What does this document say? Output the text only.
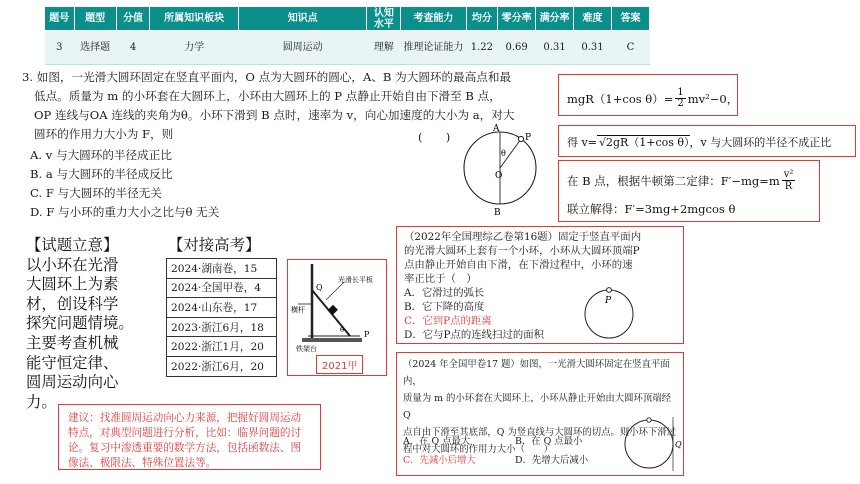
题号	题型	分值	所属知识板块	知识点	认知水平	考查能力	均分	零分率	满分率	难度	答案
3	选择题	4	力学	圆周运动	理解	推理论证能力	1.22	0.69	0.31	0.31	C
3. 如图，一光滑大圆环固定在竖直平面内，O 点为大圆环的圆心，A、B 为大圆环的最高点和最
低点。质量为 m 的小环套在大圆环上，小环由大圆环上的 P 点静止开始自由下滑至 B 点，
OP 连线与OA 连线的夹角为θ。小环下滑到 B 点时，速率为 v，向心加速度的大小为 a，对大
圆环的作用力大小为 F，则	(　　)
A. v 与大圆环的半径成正比
B. a 与大圆环的半径成反比
C. F 与大圆环的半径无关
D. F 与小环的重力大小之比与θ 无关
A
P
θ
O
B
mgR（1+cos $\theta)= \frac{1}{2} mv^2-0$，
得 v= √2gR（1+cos θ），v 与大圆环的半径不成正比
在 B 点，根据牛顿第二定律：$F'-mg=m \frac{\text{v²}}{R}$
联立解得：F′=3mg+2mgcos θ
【试题立意】
以小环在光滑
大圆环上为素
材，创设科学
探究问题情境。
主要考查机械
能守恒定律、
圆周运动向心
力。
【对接高考】
2024·湖南卷，15
2024·全国甲卷，4
2024·山东卷，17
2023·浙江6月，18
2022·浙江1月，20
2022·浙江6月，20
光滑长平板
横杆
Q
θ P
铁架台
2021甲
建议：找准圆周运动向心力来源，把握好圆周运动特点，对典型问题进行分析，比如：临界问题的讨论。复习中渗透重要的数学方法，包括函数法、图像法、极限法、特殊位置法等。
（2022年全国理综乙卷第16题）固定于竖直平面内
的光滑大圆环上套有一个小环，小环从大圆环顶端P
点由静止开始自由下滑，在下滑过程中，小环的速
率正比于（　）
A．它滑过的弧长
B．它下降的高度
C．它到P点的距离
D．它与P点的连线扫过的面积
P
（2024 年全国甲卷17 题）如图，一光滑大圆环固定在竖直平面内，
质量为 m 的小环套在大圆环上，小环从静止开始由大圆环顶端经 Q
点自由下滑至其底部，Q 为竖直线与大圆环的切点。则小环下滑过
程中对大圆环的作用力大小（　　）
A．在 Q 点最大	B．在 Q 点最小
C．先减小后增大	D．先增大后减小
Q
